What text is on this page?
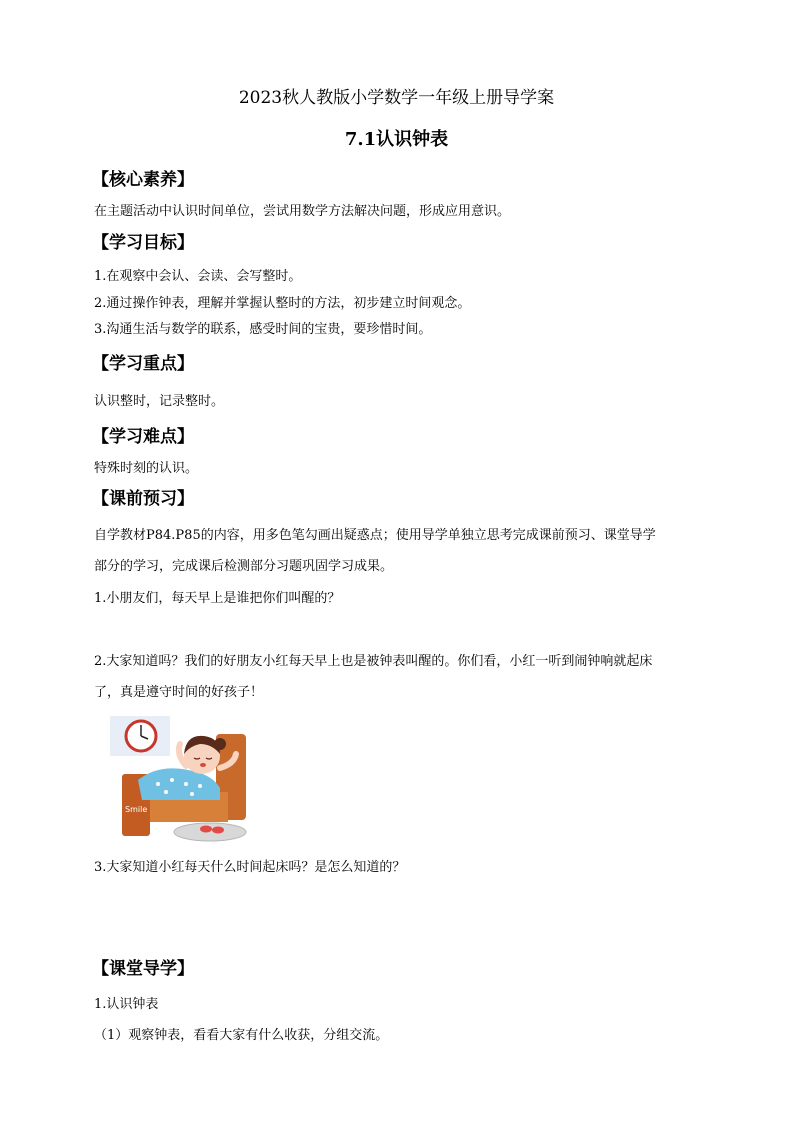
2023秋人教版小学数学一年级上册导学案
7.1认识钟表
【核心素养】
在主题活动中认识时间单位，尝试用数学方法解决问题，形成应用意识。
【学习目标】
1.在观察中会认、会读、会写整时。
2.通过操作钟表，理解并掌握认整时的方法，初步建立时间观念。
3.沟通生活与数学的联系，感受时间的宝贵，要珍惜时间。
【学习重点】
认识整时，记录整时。
【学习难点】
特殊时刻的认识。
【课前预习】
自学教材P84.P85的内容，用多色笔勾画出疑惑点；使用导学单独立思考完成课前预习、课堂导学
部分的学习，完成课后检测部分习题巩固学习成果。
1.小朋友们，每天早上是谁把你们叫醒的？
2.大家知道吗？我们的好朋友小红每天早上也是被钟表叫醒的。你们看，小红一听到闹钟响就起床
了，真是遵守时间的好孩子！
Smile
3.大家知道小红每天什么时间起床吗？是怎么知道的？
【课堂导学】
1.认识钟表
（1）观察钟表，看看大家有什么收获，分组交流。
